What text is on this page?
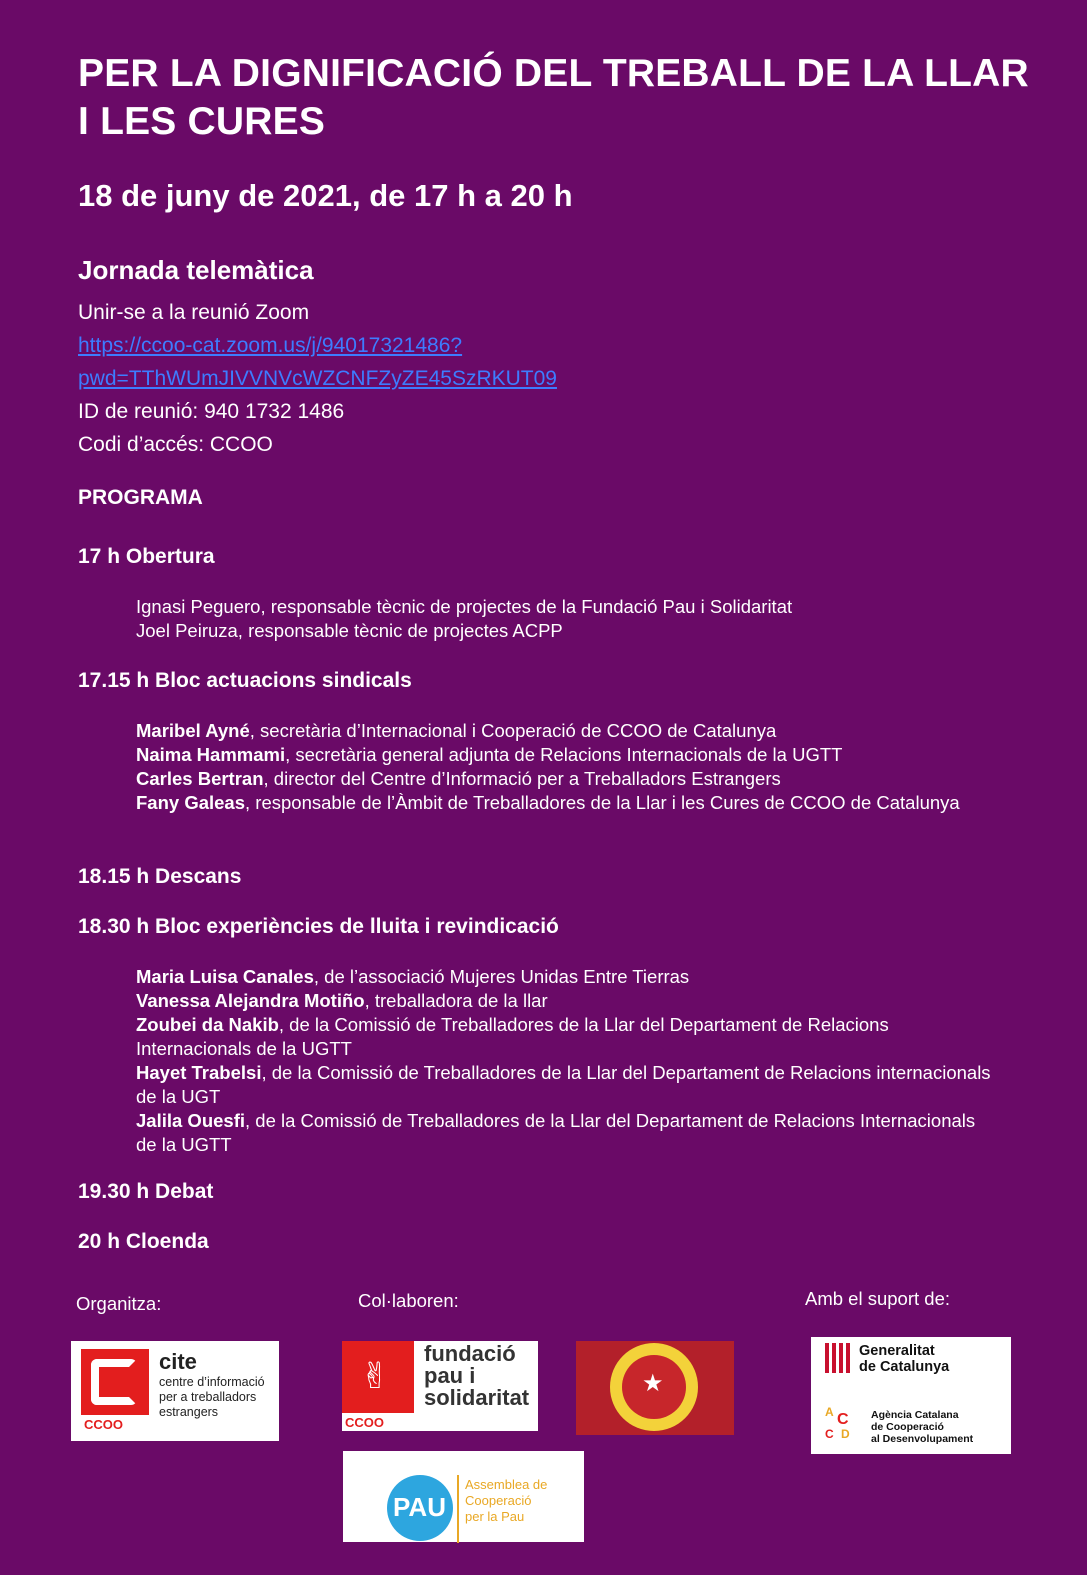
PER LA DIGNIFICACIÓ DEL TREBALL DE LA LLAR I LES CURES
18 de juny de 2021, de 17 h a 20 h
Jornada telemàtica
Unir-se a la reunió Zoom
https://ccoo-cat.zoom.us/j/94017321486?
pwd=TThWUmJIVVNVcWZCNFZyZE45SzRKUT09
ID de reunió: 940 1732 1486
Codi d’accés: CCOO
PROGRAMA
17 h Obertura
Ignasi Peguero, responsable tècnic de projectes de la Fundació Pau i Solidaritat
Joel Peiruza, responsable tècnic de projectes ACPP
17.15 h Bloc actuacions sindicals
Maribel Ayné, secretària d’Internacional i Cooperació de CCOO de Catalunya
Naima Hammami, secretària general adjunta de Relacions Internacionals de la UGTT
Carles Bertran, director del Centre d’Informació per a Treballadors Estrangers
Fany Galeas, responsable de l’Àmbit de Treballadores de la Llar i les Cures de CCOO de Catalunya
18.15 h Descans
18.30 h Bloc experiències de lluita i revindicació
Maria Luisa Canales, de l’associació Mujeres Unidas Entre Tierras
Vanessa Alejandra Motiño, treballadora de la llar
Zoubei da Nakib, de la Comissió de Treballadores de la Llar del Departament de Relacions Internacionals de la UGTT
Hayet Trabelsi, de la Comissió de Treballadores de la Llar del Departament de Relacions internacionals de la UGT
Jalila Ouesfi, de la Comissió de Treballadores de la Llar del Departament de Relacions Internacionals de la UGTT
19.30 h Debat
20 h Cloenda
Organitza:	Col·laboren:	Amb el suport de:
CCOO
cite
centre d’informació
per a treballadors
estrangers
✌
CCOO
fundació
pau i
solidaritat
★
Generalitat
de Catalunya
A C
C D
Agència Catalana
de Cooperació
al Desenvolupament
PAU
Assemblea de
Cooperació
per la Pau
